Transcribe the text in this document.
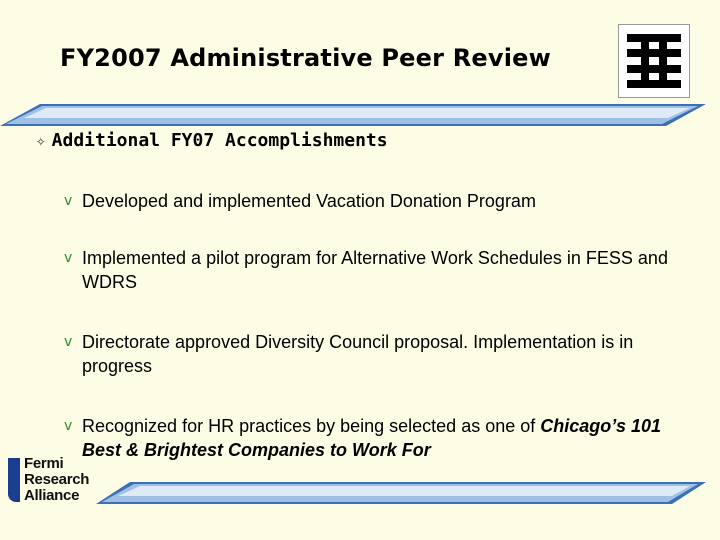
FY2007 Administrative Peer Review
✧ Additional FY07 Accomplishments
v Developed and implemented Vacation Donation Program
v Implemented a pilot program for Alternative Work Schedules in FESS and WDRS
v Directorate approved Diversity Council proposal. Implementation is in progress
v Recognized for HR practices by being selected as one of Chicago’s 101 Best & Brightest Companies to Work For
Fermi
Research
Alliance
